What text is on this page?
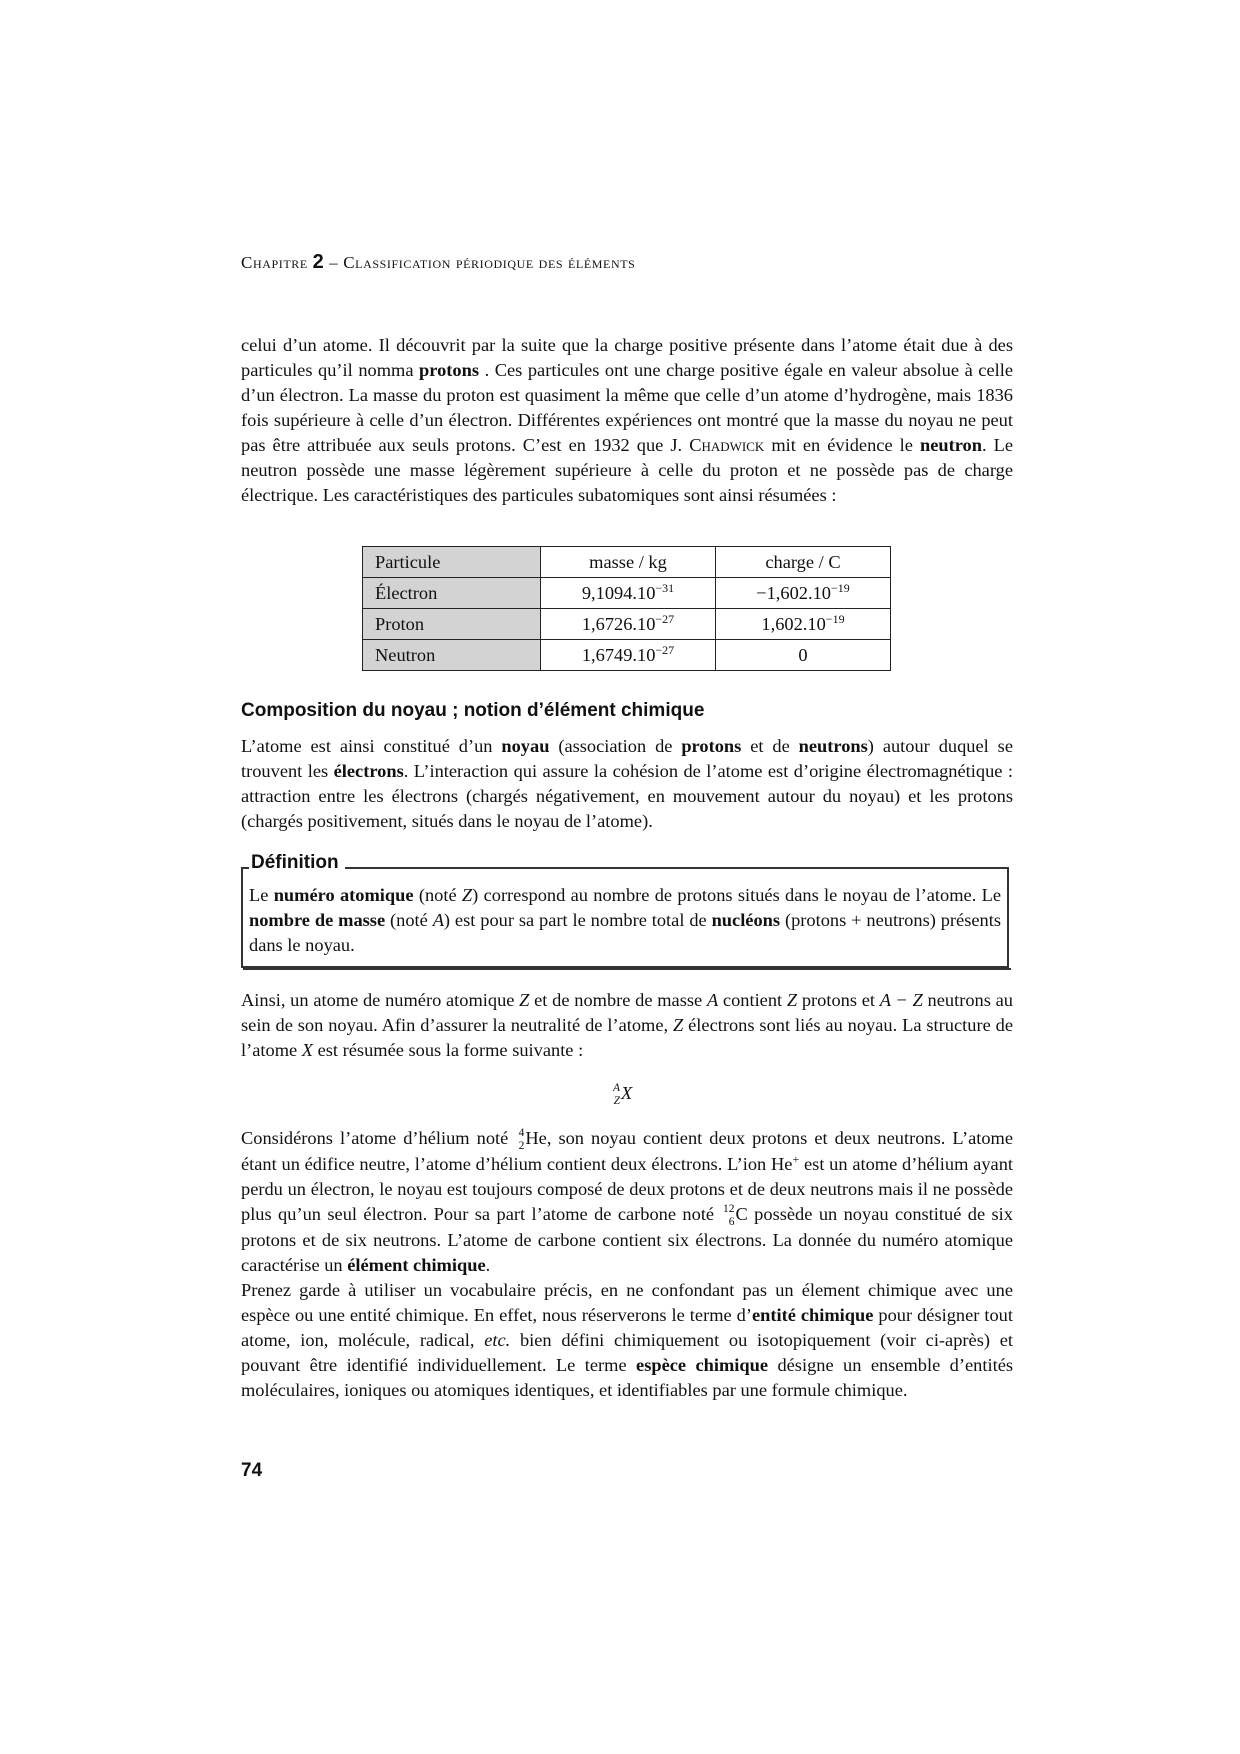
Chapitre 2 – Classification périodique des éléments
celui d’un atome. Il découvrit par la suite que la charge positive présente dans l’atome était due à des particules qu’il nomma protons . Ces particules ont une charge positive égale en valeur absolue à celle d’un électron. La masse du proton est quasiment la même que celle d’un atome d’hydrogène, mais 1836 fois supérieure à celle d’un électron. Différentes expériences ont montré que la masse du noyau ne peut pas être attribuée aux seuls protons. C’est en 1932 que J. Chadwick mit en évidence le neutron. Le neutron possède une masse légèrement supérieure à celle du proton et ne possède pas de charge électrique. Les caractéristiques des particules subatomiques sont ainsi résumées :
Particule	masse / kg	charge / C
Électron	$9,1094.10^{-31}$	$-1,602.10^{-19}$
Proton	$1,6726.10^{-27}$	$1,602.10^{-19}$
Neutron	$1,6749.10^{-27}$	0
Composition du noyau ; notion d’élément chimique
L’atome est ainsi constitué d’un noyau (association de protons et de neutrons) autour duquel se trouvent les électrons. L’interaction qui assure la cohésion de l’atome est d’origine électromagnétique : attraction entre les électrons (chargés négativement, en mouvement autour du noyau) et les protons (chargés positivement, situés dans le noyau de l’atome).
Définition
Le numéro atomique (noté Z) correspond au nombre de protons situés dans le noyau de l’atome. Le nombre de masse (noté A) est pour sa part le nombre total de nucléons (protons + neutrons) présents dans le noyau.
Ainsi, un atome de numéro atomique Z et de nombre de masse A contient Z protons et A − Z neutrons au sein de son noyau. Afin d’assurer la neutralité de l’atome, Z électrons sont liés au noyau. La structure de l’atome X est résumée sous la forme suivante :
A
Z X
Considérons l’atome d’hélium noté 4
2 He, son noyau contient deux protons et deux neutrons. L’atome étant un édifice neutre, l’atome d’hélium contient deux électrons. L’ion He+ est un atome d’hélium ayant perdu un électron, le noyau est toujours composé de deux protons et de deux neutrons mais il ne possède plus qu’un seul électron. Pour sa part l’atome de carbone noté 12
6 C possède un noyau constitué de six protons et de six neutrons. L’atome de carbone contient six électrons. La donnée du numéro atomique caractérise un élément chimique.
Prenez garde à utiliser un vocabulaire précis, en ne confondant pas un élement chimique avec une espèce ou une entité chimique. En effet, nous réserverons le terme d’entité chimique pour désigner tout atome, ion, molécule, radical, etc. bien défini chimiquement ou isotopiquement (voir ci-après) et pouvant être identifié individuellement. Le terme espèce chimique désigne un ensemble d’entités moléculaires, ioniques ou atomiques identiques, et identifiables par une formule chimique.
74
